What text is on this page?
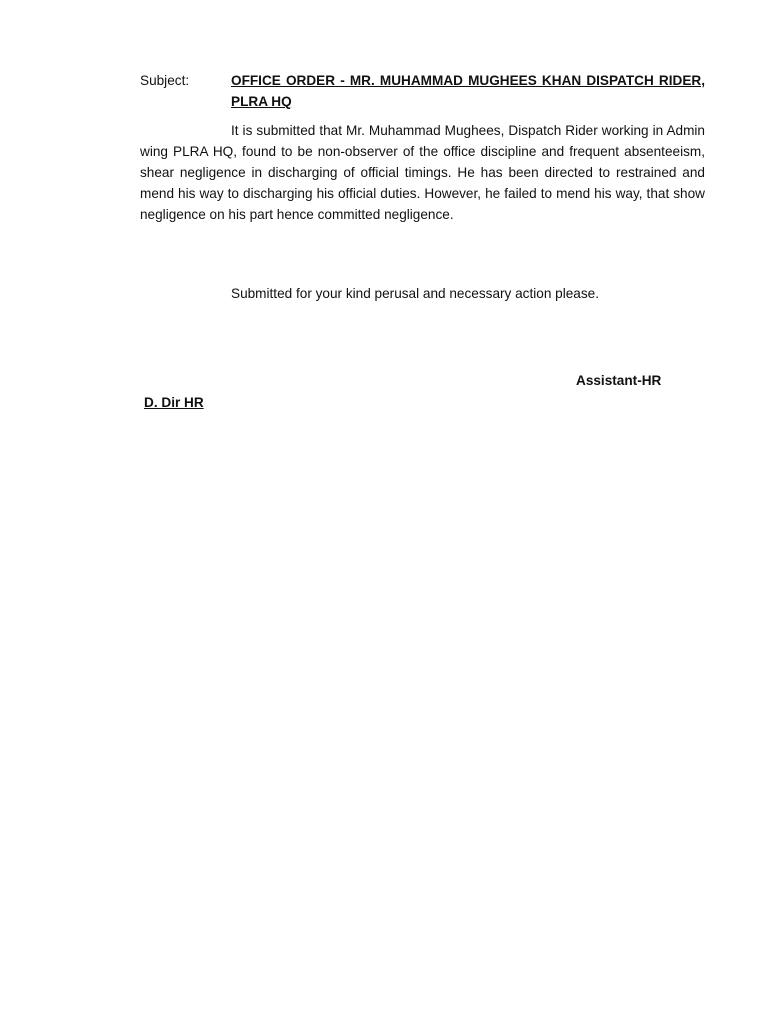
Subject:	OFFICE ORDER - MR. MUHAMMAD MUGHEES KHAN DISPATCH RIDER, PLRA HQ

It is submitted that Mr. Muhammad Mughees, Dispatch Rider working in Admin wing PLRA HQ, found to be non-observer of the office discipline and frequent absenteeism, shear negligence in discharging of official timings. He has been directed to restrained and mend his way to discharging his official duties. However, he failed to mend his way, that show negligence on his part hence committed negligence.

Submitted for your kind perusal and necessary action please.

Assistant-HR
D. Dir HR
